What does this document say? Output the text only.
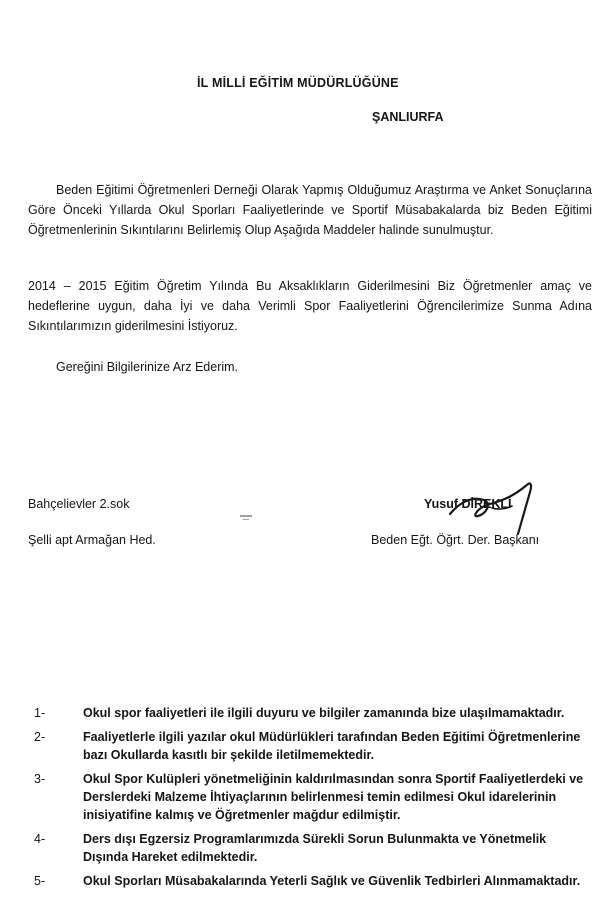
İL MİLLİ EĞİTİM MÜDÜRLÜĞÜNE

ŞANLIURFA

Beden Eğitimi Öğretmenleri Derneği Olarak Yapmış Olduğumuz Araştırma ve Anket Sonuçlarına Göre Önceki Yıllarda Okul Sporları Faaliyetlerinde ve Sportif Müsabakalarda biz Beden Eğitimi Öğretmenlerinin Sıkıntılarını Belirlemiş Olup Aşağıda Maddeler halinde sunulmuştur.

2014 – 2015 Eğitim Öğretim Yılında Bu Aksaklıkların Giderilmesini Biz Öğretmenler amaç ve hedeflerine uygun, daha İyi ve daha Verimli Spor Faaliyetlerini Öğrencilerimize Sunma Adına Sıkıntılarımızın giderilmesini İstiyoruz.

Gereğini Bilgilerinize Arz Ederim.

Bahçelievler 2.sok

Şelli apt Armağan Hed.

Yusuf DİREKLİ

Beden Eğt. Öğrt. Der. Başkanı

1-	Okul spor faaliyetleri ile ilgili duyuru ve bilgiler zamanında bize ulaşılmamaktadır.
2-	Faaliyetlerle ilgili yazılar okul Müdürlükleri tarafından Beden Eğitimi Öğretmenlerine bazı Okullarda kasıtlı bir şekilde iletilmemektedir.
3-	Okul Spor Kulüpleri yönetmeliğinin kaldırılmasından sonra Sportif Faaliyetlerdeki ve Derslerdeki Malzeme İhtiyaçlarının belirlenmesi temin edilmesi Okul idarelerinin inisiyatifine kalmış ve Öğretmenler mağdur edilmiştir.
4-	Ders dışı Egzersiz Programlarımızda Sürekli Sorun Bulunmakta ve Yönetmelik Dışında Hareket edilmektedir.
5-	Okul Sporları Müsabakalarında Yeterli Sağlık ve Güvenlik Tedbirleri Alınmamaktadır.
